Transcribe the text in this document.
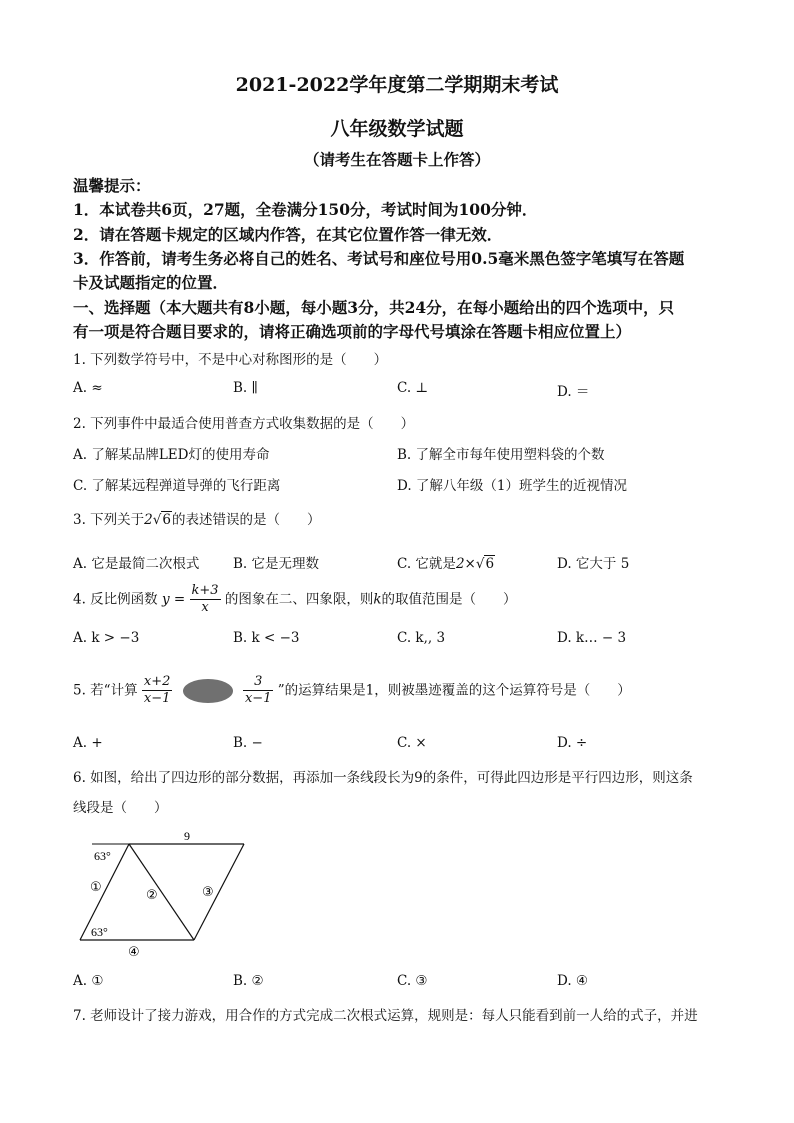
2021-2022学年度第二学期期末考试
八年级数学试题
（请考生在答题卡上作答）
温馨提示：
1．本试卷共6页，27题，全卷满分150分，考试时间为100分钟．
2．请在答题卡规定的区域内作答，在其它位置作答一律无效．
3．作答前，请考生务必将自己的姓名、考试号和座位号用0.5毫米黑色签字笔填写在答题
卡及试题指定的位置．
一、选择题（本大题共有8小题，每小题3分，共24分，在每小题给出的四个选项中，只
有一项是符合题目要求的，请将正确选项前的字母代号填涂在答题卡相应位置上）
1. 下列数学符号中，不是中心对称图形的是（　　）
A. ≈	B. ∥	C. ⊥	D. ＝
2. 下列事件中最适合使用普查方式收集数据的是（　　）
A. 了解某品牌LED灯的使用寿命	B. 了解全市每年使用塑料袋的个数
C. 了解某远程弹道导弹的飞行距离	D. 了解八年级（1）班学生的近视情况
3. 下列关于2√6的表述错误的是（　　）
A. 它是最简二次根式 B. 它是无理数	C. 它就是2×√6	D. 它大于 5
4. 反比例函数 $y = \frac{k+3}{x}$ 的图象在二、四象限，则k的取值范围是（　　）
A. k > −3	B. k < −3	C. k,, 3	D. k… − 3
5. 若“计算 $\frac{x+2}{x-1}$
	$\frac{3}{x-1}$ ”的运算结果是1，则被墨迹覆盖的这个运算符号是（　　）
A. +	B. −	C. ×	D. ÷
6. 如图，给出了四边形的部分数据，再添加一条线段长为9的条件，可得此四边形是平行四边形，则这条
线段是（　　）
9
63°
63°
①
②	③
④
A. ①	B. ②	C. ③	D. ④
7. 老师设计了接力游戏，用合作的方式完成二次根式运算，规则是：每人只能看到前一人给的式子，并进
